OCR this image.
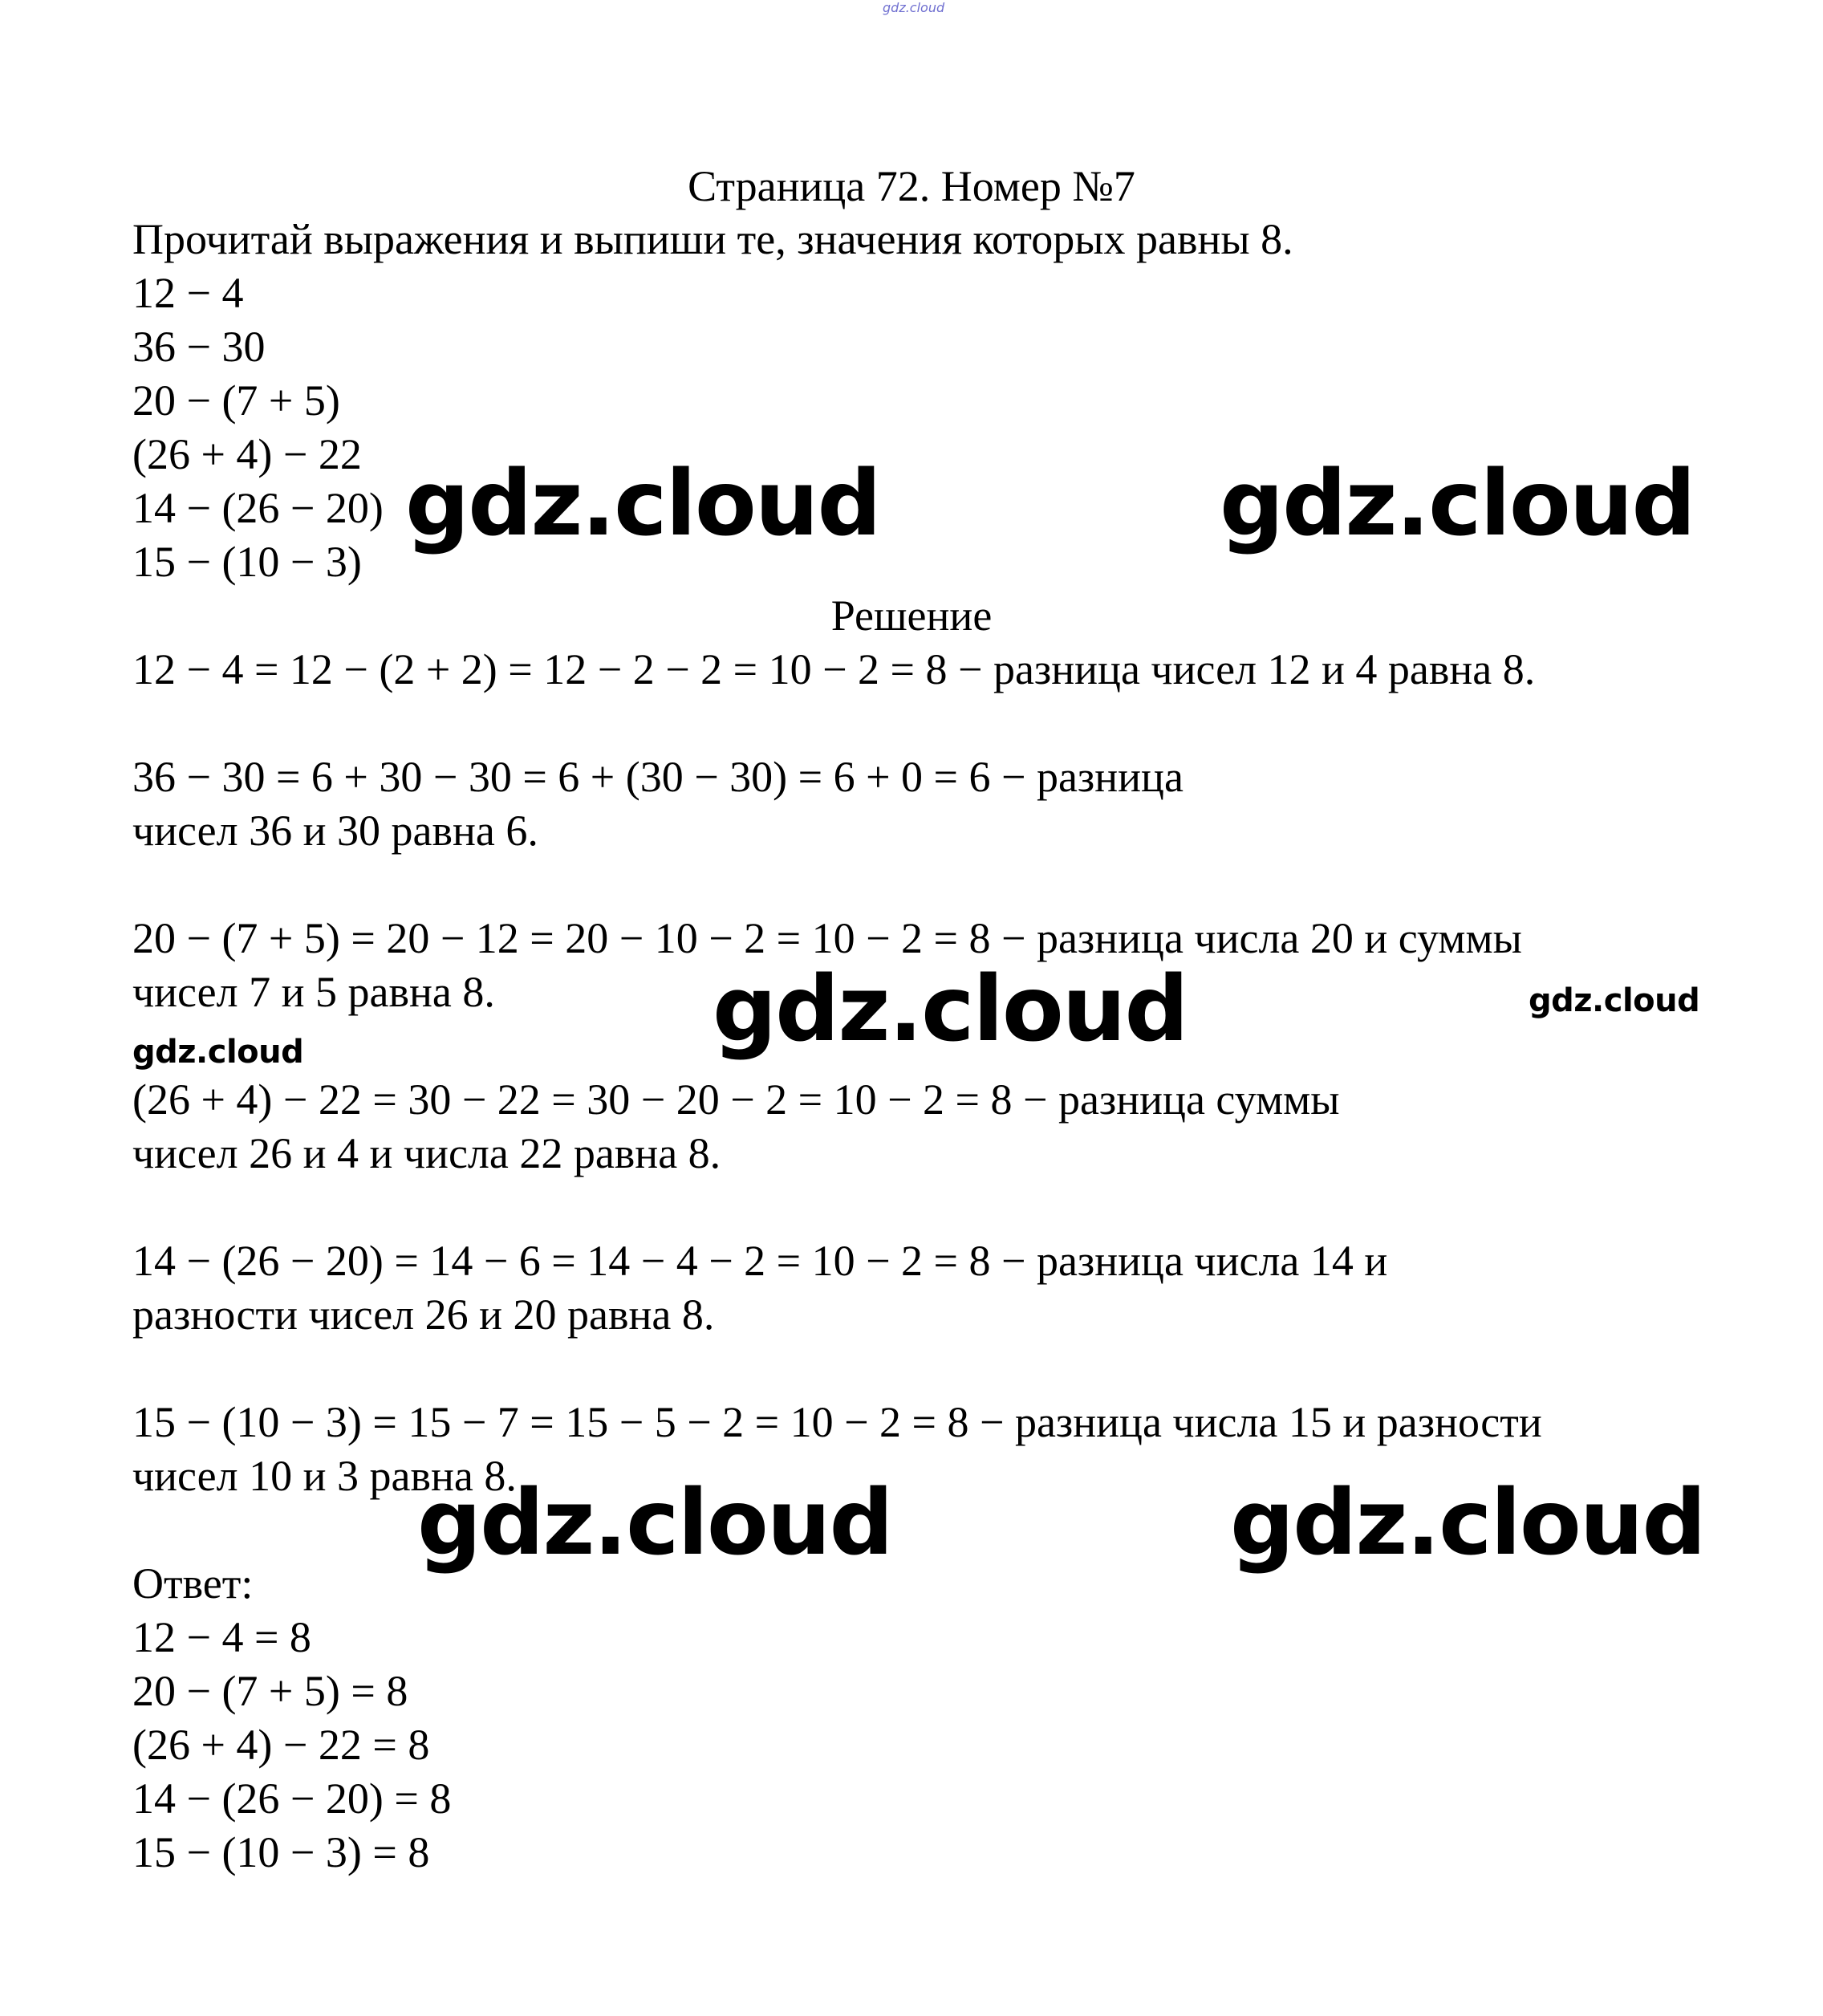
gdz.cloud
Страница 72. Номер №7

Прочитай выражения и выпиши те, значения которых равны 8.

12 − 4

36 − 30

20 − (7 + 5)

(26 + 4) − 22

14 − (26 − 20)

15 − (10 − 3)

Решение

12 − 4 = 12 − (2 + 2) = 12 − 2 − 2 = 10 − 2 = 8 − разница чисел 12 и 4 равна 8.

36 − 30 = 6 + 30 − 30 = 6 + (30 − 30) = 6 + 0 = 6 − разница

чисел 36 и 30 равна 6.

20 − (7 + 5) = 20 − 12 = 20 − 10 − 2 = 10 − 2 = 8 − разница числа 20 и суммы

чисел 7 и 5 равна 8.

(26 + 4) − 22 = 30 − 22 = 30 − 20 − 2 = 10 − 2 = 8 − разница суммы

чисел 26 и 4 и числа 22 равна 8.

14 − (26 − 20) = 14 − 6 = 14 − 4 − 2 = 10 − 2 = 8 − разница числа 14 и

разности чисел 26 и 20 равна 8.

15 − (10 − 3) = 15 − 7 = 15 − 5 − 2 = 10 − 2 = 8 − разница числа 15 и разности

чисел 10 и 3 равна 8.

Ответ:

12 − 4 = 8

20 − (7 + 5) = 8

(26 + 4) − 22 = 8

14 − (26 − 20) = 8

15 − (10 − 3) = 8

gdz.cloud	gdz.cloud
gdz.cloud	gdz.cloud
gdz.cloud
gdz.cloud	gdz.cloud
